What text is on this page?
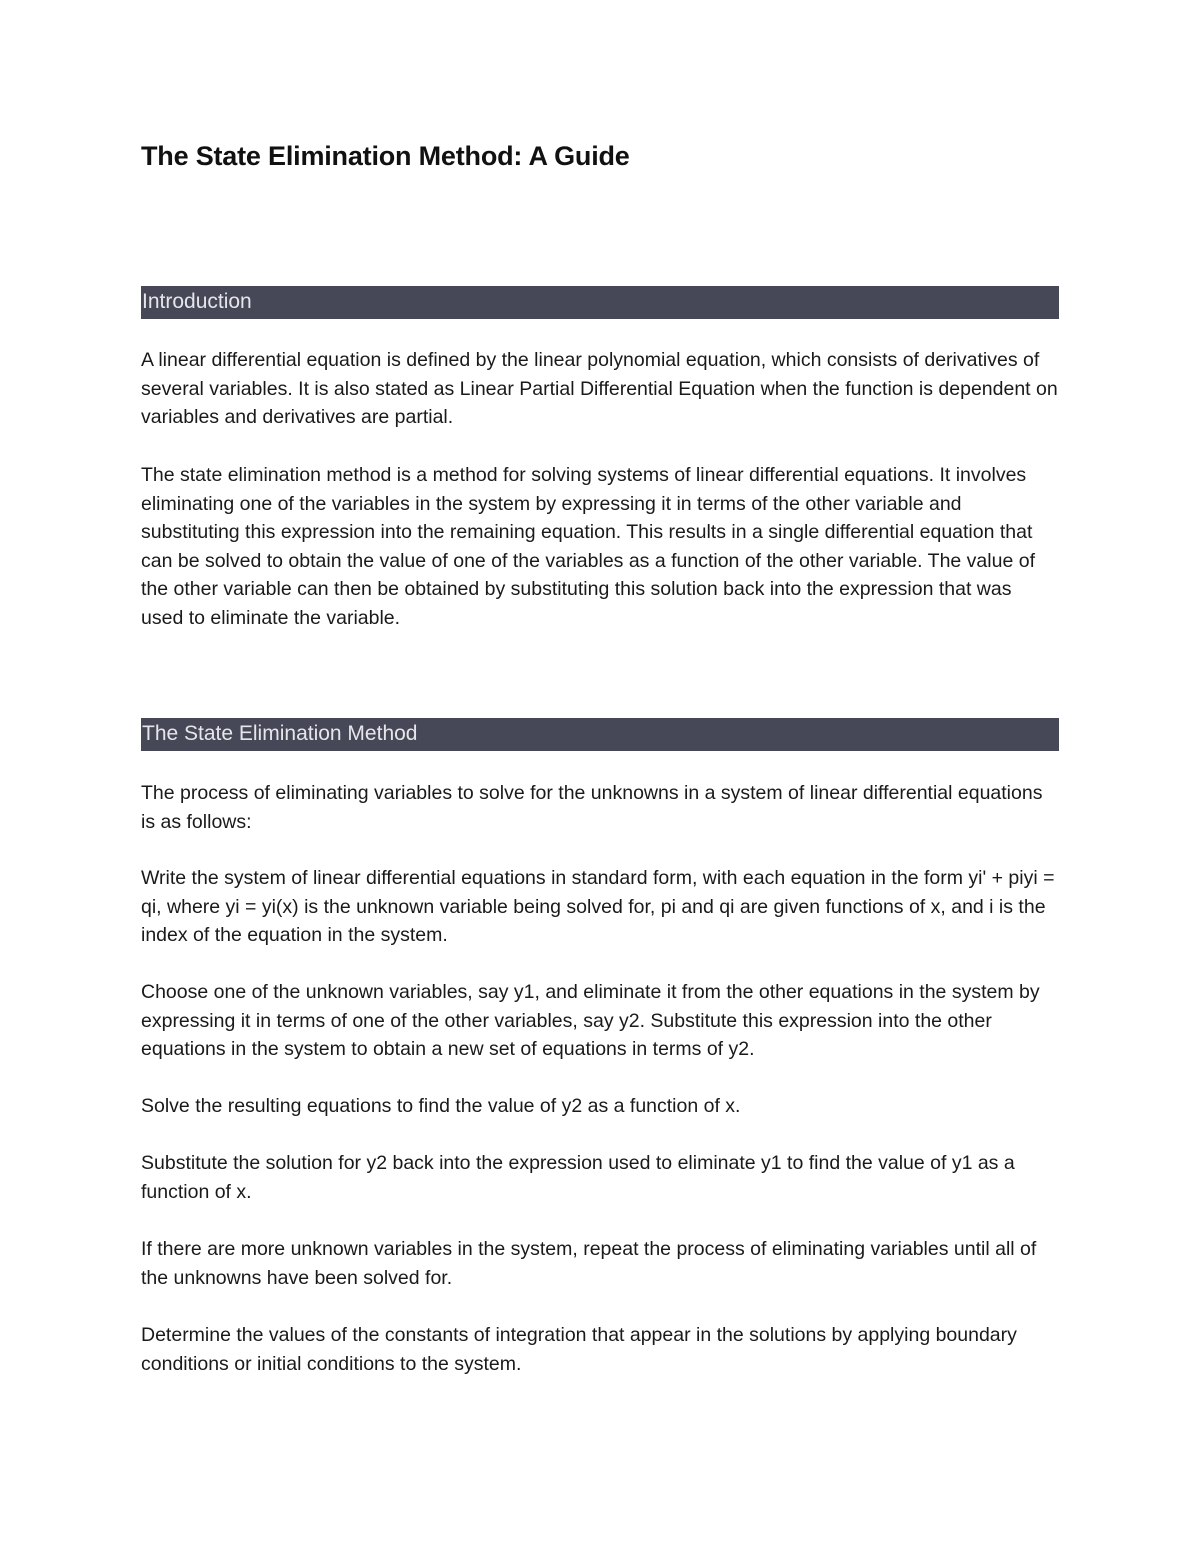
The State Elimination Method: A Guide
Introduction

A linear differential equation is defined by the linear polynomial equation, which consists of derivatives of several variables. It is also stated as Linear Partial Differential Equation when the function is dependent on variables and derivatives are partial.

The state elimination method is a method for solving systems of linear differential equations. It involves eliminating one of the variables in the system by expressing it in terms of the other variable and substituting this expression into the remaining equation. This results in a single differential equation that can be solved to obtain the value of one of the variables as a function of the other variable. The value of the other variable can then be obtained by substituting this solution back into the expression that was used to eliminate the variable.

The State Elimination Method

The process of eliminating variables to solve for the unknowns in a system of linear differential equations is as follows:

Write the system of linear differential equations in standard form, with each equation in the form yi' + piyi = qi, where yi = yi(x) is the unknown variable being solved for, pi and qi are given functions of x, and i is the index of the equation in the system.

Choose one of the unknown variables, say y1, and eliminate it from the other equations in the system by expressing it in terms of one of the other variables, say y2. Substitute this expression into the other equations in the system to obtain a new set of equations in terms of y2.

Solve the resulting equations to find the value of y2 as a function of x.

Substitute the solution for y2 back into the expression used to eliminate y1 to find the value of y1 as a function of x.

If there are more unknown variables in the system, repeat the process of eliminating variables until all of the unknowns have been solved for.

Determine the values of the constants of integration that appear in the solutions by applying boundary conditions or initial conditions to the system.
